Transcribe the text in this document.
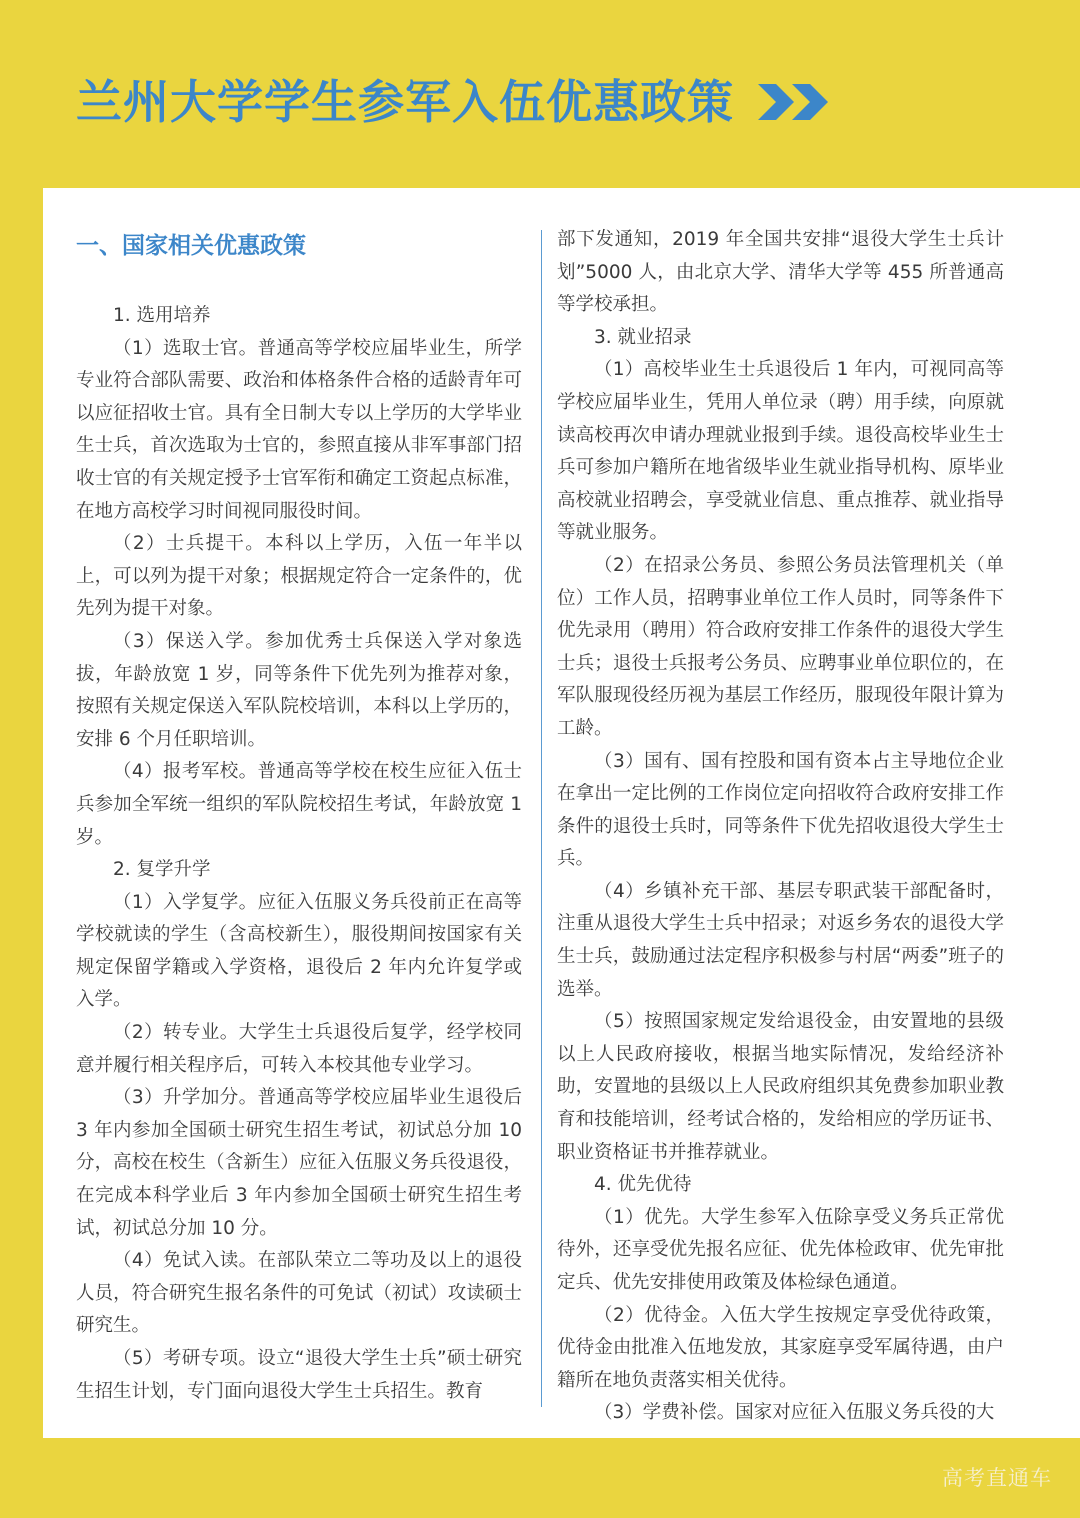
兰州大学学生参军入伍优惠政策
一、国家相关优惠政策

1. 选用培养

（1）选取士官。普通高等学校应届毕业生，所学专业符合部队需要、政治和体格条件合格的适龄青年可以应征招收士官。具有全日制大专以上学历的大学毕业生士兵，首次选取为士官的，参照直接从非军事部门招收士官的有关规定授予士官军衔和确定工资起点标准，在地方高校学习时间视同服役时间。

（2）士兵提干。本科以上学历，入伍一年半以上，可以列为提干对象；根据规定符合一定条件的，优先列为提干对象。

（3）保送入学。参加优秀士兵保送入学对象选拔，年龄放宽 1 岁，同等条件下优先列为推荐对象，按照有关规定保送入军队院校培训，本科以上学历的，安排 6 个月任职培训。

（4）报考军校。普通高等学校在校生应征入伍士兵参加全军统一组织的军队院校招生考试，年龄放宽 1 岁。

2. 复学升学

（1）入学复学。应征入伍服义务兵役前正在高等学校就读的学生（含高校新生），服役期间按国家有关规定保留学籍或入学资格，退役后 2 年内允许复学或入学。

（2）转专业。大学生士兵退役后复学，经学校同意并履行相关程序后，可转入本校其他专业学习。

（3）升学加分。普通高等学校应届毕业生退役后 3 年内参加全国硕士研究生招生考试，初试总分加 10 分，高校在校生（含新生）应征入伍服义务兵役退役，在完成本科学业后 3 年内参加全国硕士研究生招生考试，初试总分加 10 分。

（4）免试入读。在部队荣立二等功及以上的退役人员，符合研究生报名条件的可免试（初试）攻读硕士研究生。

（5）考研专项。设立“退役大学生士兵”硕士研究生招生计划，专门面向退役大学生士兵招生。教育

部下发通知，2019 年全国共安排“退役大学生士兵计划”5000 人，由北京大学、清华大学等 455 所普通高等学校承担。

3. 就业招录

（1）高校毕业生士兵退役后 1 年内，可视同高等学校应届毕业生，凭用人单位录（聘）用手续，向原就读高校再次申请办理就业报到手续。退役高校毕业生士兵可参加户籍所在地省级毕业生就业指导机构、原毕业高校就业招聘会，享受就业信息、重点推荐、就业指导等就业服务。

（2）在招录公务员、参照公务员法管理机关（单位）工作人员，招聘事业单位工作人员时，同等条件下优先录用（聘用）符合政府安排工作条件的退役大学生士兵；退役士兵报考公务员、应聘事业单位职位的，在军队服现役经历视为基层工作经历，服现役年限计算为工龄。

（3）国有、国有控股和国有资本占主导地位企业在拿出一定比例的工作岗位定向招收符合政府安排工作条件的退役士兵时，同等条件下优先招收退役大学生士兵。

（4）乡镇补充干部、基层专职武装干部配备时，注重从退役大学生士兵中招录；对返乡务农的退役大学生士兵，鼓励通过法定程序积极参与村居“两委”班子的选举。

（5）按照国家规定发给退役金，由安置地的县级以上人民政府接收，根据当地实际情况，发给经济补助，安置地的县级以上人民政府组织其免费参加职业教育和技能培训，经考试合格的，发给相应的学历证书、职业资格证书并推荐就业。

4. 优先优待

（1）优先。大学生参军入伍除享受义务兵正常优待外，还享受优先报名应征、优先体检政审、优先审批定兵、优先安排使用政策及体检绿色通道。

（2）优待金。入伍大学生按规定享受优待政策，优待金由批准入伍地发放，其家庭享受军属待遇，由户籍所在地负责落实相关优待。

（3）学费补偿。国家对应征入伍服义务兵役的大

高考直通车
